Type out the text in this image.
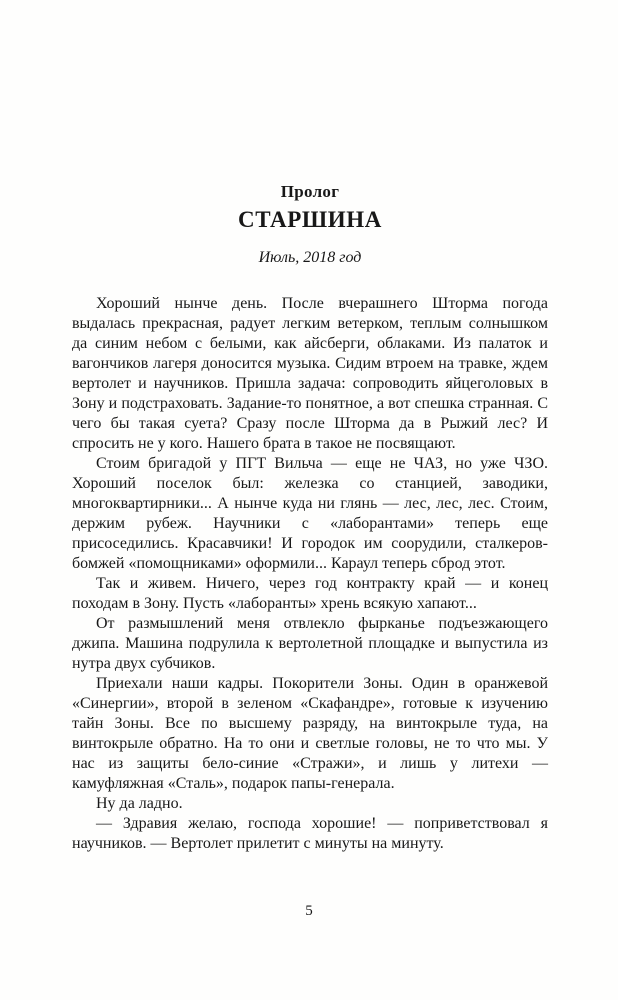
Пролог
СТАРШИНА
Июль, 2018 год

Хороший нынче день. После вчерашнего Шторма погода выдалась прекрасная, радует легким ветерком, теплым солнышком да синим небом с белыми, как айсберги, облаками. Из палаток и вагончиков лагеря доносится музыка. Сидим втроем на травке, ждем вертолет и научников. Пришла задача: сопроводить яйцеголовых в Зону и подстраховать. Задание-то понятное, а вот спешка странная. С чего бы такая суета? Сразу после Шторма да в Рыжий лес? И спросить не у кого. Нашего брата в такое не посвящают.

Стоим бригадой у ПГТ Вильча — еще не ЧАЗ, но уже ЧЗО. Хороший поселок был: железка со станцией, заводики, многоквартирники... А нынче куда ни глянь — лес, лес, лес. Стоим, держим рубеж. Научники с «лаборантами» теперь еще присоседились. Красавчики! И городок им соорудили, сталкеров-бомжей «помощниками» оформили... Караул теперь сброд этот.

Так и живем. Ничего, через год контракту край — и конец походам в Зону. Пусть «лаборанты» хрень всякую хапают...

От размышлений меня отвлекло фырканье подъезжающего джипа. Машина подрулила к вертолетной площадке и выпустила из нутра двух субчиков.

Приехали наши кадры. Покорители Зоны. Один в оранжевой «Синергии», второй в зеленом «Скафандре», готовые к изучению тайн Зоны. Все по высшему разряду, на винтокрыле туда, на винтокрыле обратно. На то они и светлые головы, не то что мы. У нас из защиты бело-синие «Стражи», и лишь у литехи — камуфляжная «Сталь», подарок папы-генерала.

Ну да ладно.

— Здравия желаю, господа хорошие! — поприветствовал я научников. — Вертолет прилетит с минуты на минуту.

5
